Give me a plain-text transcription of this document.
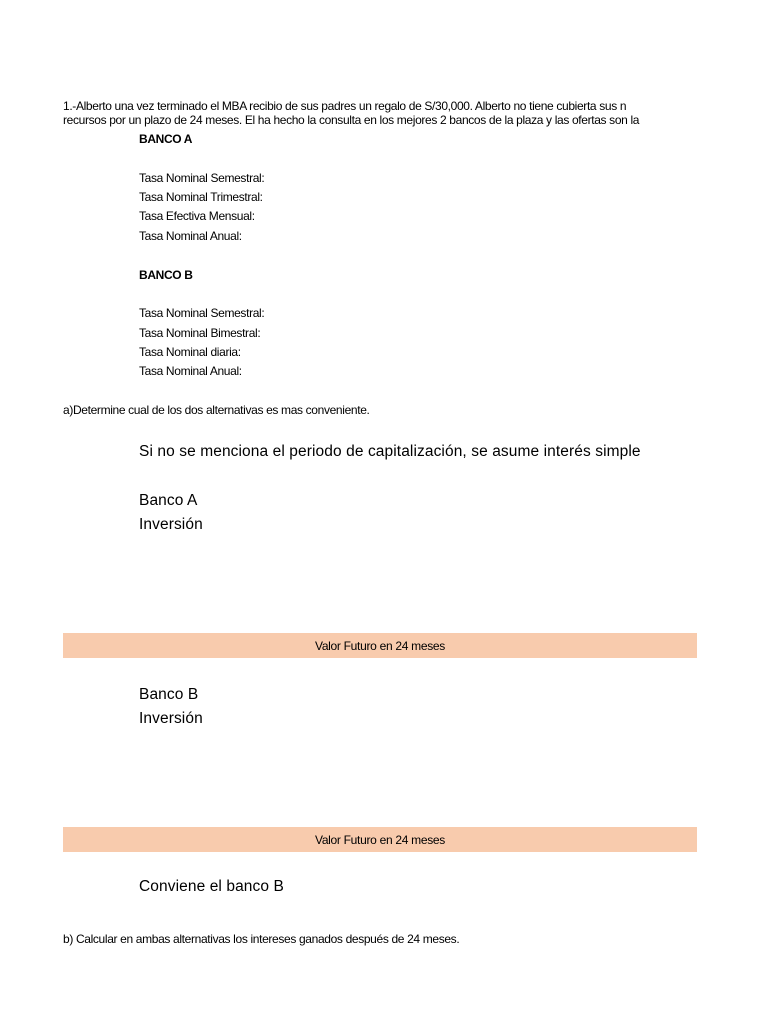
1.-Alberto una vez terminado el MBA recibio de sus padres un regalo de S/30,000. Alberto no tiene cubierta sus n
recursos por un plazo de 24 meses. El ha hecho la consulta en los mejores 2 bancos de la plaza y las ofertas son la
BANCO A
Tasa Nominal Semestral:
Tasa Nominal Trimestral:
Tasa Efectiva Mensual:
Tasa Nominal Anual:
BANCO B
Tasa Nominal Semestral:
Tasa Nominal Bimestral:
Tasa Nominal diaria:
Tasa Nominal Anual:
a)Determine cual de los dos alternativas es mas conveniente.
Si no se menciona el periodo de capitalización, se asume interés simple
Banco A
Inversión
Valor Futuro en 24 meses
Banco B
Inversión
Valor Futuro en 24 meses
Conviene el banco B
b) Calcular en ambas alternativas los intereses ganados después de 24 meses.
